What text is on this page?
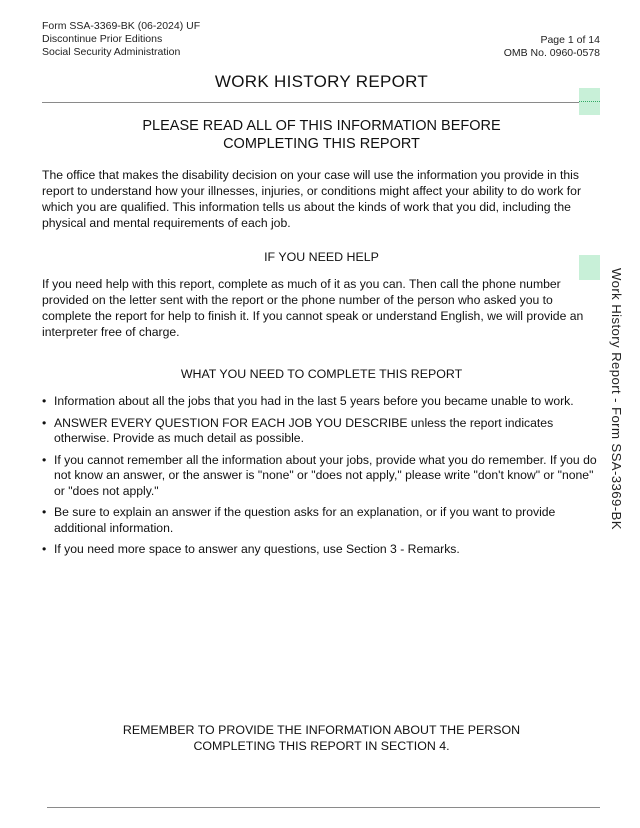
Form SSA-3369-BK (06-2024) UF
Discontinue Prior Editions
Social Security Administration
Page 1 of 14
OMB No. 0960-0578
WORK HISTORY REPORT
PLEASE READ ALL OF THIS INFORMATION BEFORE
COMPLETING THIS REPORT
The office that makes the disability decision on your case will use the information you provide in this report to understand how your illnesses, injuries, or conditions might affect your ability to do work for which you are qualified. This information tells us about the kinds of work that you did, including the physical and mental requirements of each job.
IF YOU NEED HELP
If you need help with this report, complete as much of it as you can. Then call the phone number provided on the letter sent with the report or the phone number of the person who asked you to complete the report for help to finish it. If you cannot speak or understand English, we will provide an interpreter free of charge.
WHAT YOU NEED TO COMPLETE THIS REPORT
• Information about all the jobs that you had in the last 5 years before you became unable to work.
• ANSWER EVERY QUESTION FOR EACH JOB YOU DESCRIBE unless the report indicates otherwise. Provide as much detail as possible.
• If you cannot remember all the information about your jobs, provide what you do remember. If you do not know an answer, or the answer is "none" or "does not apply," please write "don't know" or "none" or "does not apply."
• Be sure to explain an answer if the question asks for an explanation, or if you want to provide additional information.
• If you need more space to answer any questions, use Section 3 - Remarks.
REMEMBER TO PROVIDE THE INFORMATION ABOUT THE PERSON
COMPLETING THIS REPORT IN SECTION 4.
Work History Report - Form SSA-3369-BK
